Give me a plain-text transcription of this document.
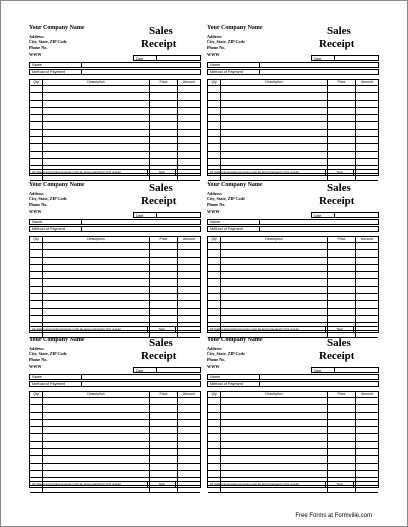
Your Company Name
Address
City, State, ZIP Code
Phone No.
WWW
Sales
Receipt
Date
Name
Method of Payment
Qty	Description	Price	Amount
All claims and returned goods must be accompanied by this receipt	Total
Your Company Name
Address
City, State, ZIP Code
Phone No.
WWW
Sales
Receipt
Date
Name
Method of Payment
Qty	Description	Price	Amount
All claims and returned goods must be accompanied by this receipt	Total
Your Company Name
Address
City, State, ZIP Code
Phone No.
WWW
Sales
Receipt
Date
Name
Method of Payment
Qty	Description	Price	Amount
All claims and returned goods must be accompanied by this receipt	Total
Your Company Name
Address
City, State, ZIP Code
Phone No.
WWW
Sales
Receipt
Date
Name
Method of Payment
Qty	Description	Price	Amount
All claims and returned goods must be accompanied by this receipt	Total
Your Company Name
Address
City, State, ZIP Code
Phone No.
WWW
Sales
Receipt
Date
Name
Method of Payment
Qty	Description	Price	Amount
All claims and returned goods must be accompanied by this receipt	Total
Your Company Name
Address
City, State, ZIP Code
Phone No.
WWW
Sales
Receipt
Date
Name
Method of Payment
Qty	Description	Price	Amount
All claims and returned goods must be accompanied by this receipt	Total
Free Forms at Formville.com
